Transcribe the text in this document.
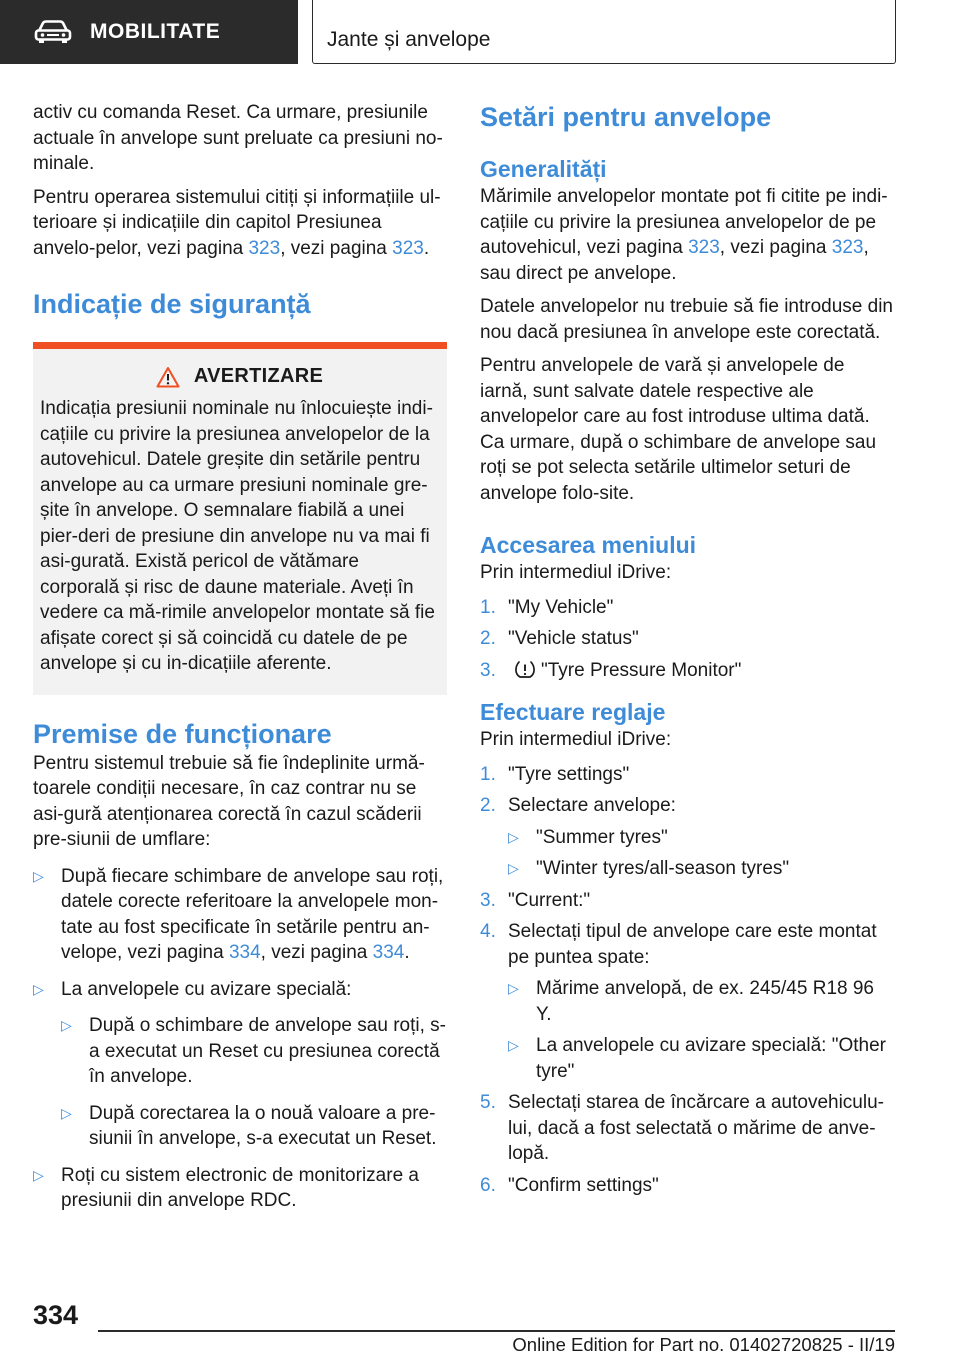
MOBILITATE	Jante și anvelope

activ cu comanda Reset. Ca urmare, presiunile actuale în anvelope sunt preluate ca presiuni no-minale.

Pentru operarea sistemului citiți și informațiile ul-terioare și indicațiile din capitol Presiunea anvelo-pelor, vezi pagina 323, vezi pagina 323.

Indicație de siguranță
AVERTIZARE

Indicația presiunii nominale nu înlocuiește indi-cațiile cu privire la presiunea anvelopelor de la autovehicul. Datele greșite din setările pentru anvelope au ca urmare presiuni nominale gre-șite în anvelope. O semnalare fiabilă a unei pier-deri de presiune din anvelope nu va mai fi asi-gurată. Există pericol de vătămare corporală și risc de daune materiale. Aveți în vedere ca mă-rimile anvelopelor montate să fie afișate corect și să coincidă cu datele de pe anvelope și cu in-dicațiile aferente.

Premise de funcționare

Pentru sistemul trebuie să fie îndeplinite urmă-toarele condiții necesare, în caz contrar nu se asi-gură atenționarea corectă în cazul scăderii pre-siunii de umflare:

▷ După fiecare schimbare de anvelope sau roți, datele corecte referitoare la anvelopele mon-tate au fost specificate în setările pentru an-velope, vezi pagina 334, vezi pagina 334.
▷ La anvelopele cu avizare specială:
▷ După o schimbare de anvelope sau roți, s-a executat un Reset cu presiunea corectă în anvelope.
▷ După corectarea la o nouă valoare a pre-siunii în anvelope, s-a executat un Reset.
▷ Roți cu sistem electronic de monitorizare a presiunii din anvelope RDC.
Setări pentru anvelope
Generalități

Mărimile anvelopelor montate pot fi citite pe indi-cațiile cu privire la presiunea anvelopelor de pe autovehicul, vezi pagina 323, vezi pagina 323, sau direct pe anvelope.

Datele anvelopelor nu trebuie să fie introduse din nou dacă presiunea în anvelope este corectată.

Pentru anvelopele de vară și anvelopele de iarnă, sunt salvate datele respective ale anvelopelor care au fost introduse ultima dată. Ca urmare, după o schimbare de anvelope sau roți se pot selecta setările ultimelor seturi de anvelope folo-site.

Accesarea meniului

Prin intermediul iDrive:

1. "My Vehicle"
2. "Vehicle status"
3. "Tyre Pressure Monitor"
Efectuare reglaje

Prin intermediul iDrive:

1. "Tyre settings"
2. Selectare anvelope:
▷ "Summer tyres"
▷ "Winter tyres/all-season tyres"
3. "Current:"
4. Selectați tipul de anvelope care este montat pe puntea spate:
▷ Mărime anvelopă, de ex. 245/45 R18 96 Y.
▷ La anvelopele cu avizare specială: "Other tyre"
5. Selectați starea de încărcare a autovehiculu-lui, dacă a fost selectată o mărime de anve-lopă.
6. "Confirm settings"
334
Online Edition for Part no. 01402720825 - II/19
